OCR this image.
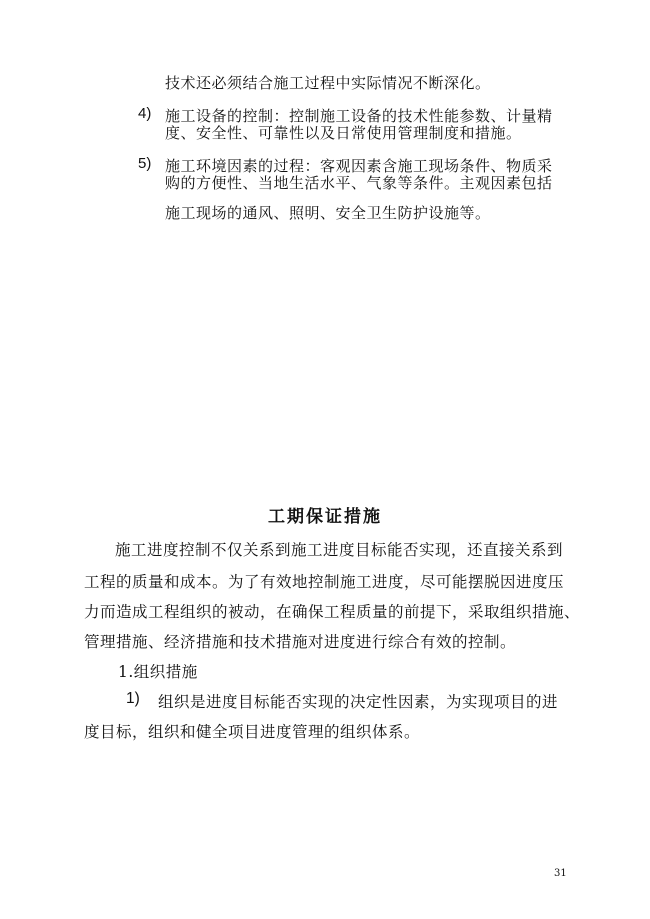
技术还必须结合施工过程中实际情况不断深化。
4) 施工设备的控制：控制施工设备的技术性能参数、计量精
度、安全性、可靠性以及日常使用管理制度和措施。
5) 施工环境因素的过程：客观因素含施工现场条件、物质采
购的方便性、当地生活水平、气象等条件。主观因素包括
施工现场的通风、照明、安全卫生防护设施等。
工期保证措施
施工进度控制不仅关系到施工进度目标能否实现，还直接关系到
工程的质量和成本。为了有效地控制施工进度，尽可能摆脱因进度压
力而造成工程组织的被动，在确保工程质量的前提下，采取组织措施、
管理措施、经济措施和技术措施对进度进行综合有效的控制。
1.组织措施
1) 组织是进度目标能否实现的决定性因素，为实现项目的进
度目标，组织和健全项目进度管理的组织体系。
31
